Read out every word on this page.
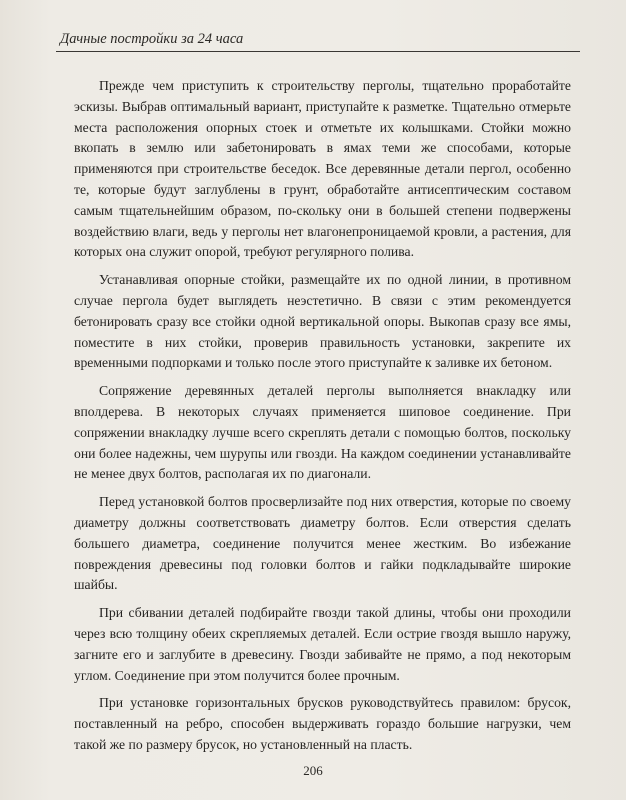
Дачные постройки за 24 часа

Прежде чем приступить к строительству перголы, тщательно проработайте эскизы. Выбрав оптимальный вариант, приступайте к разметке. Тщательно отмерьте места расположения опорных стоек и отметьте их колышками. Стойки можно вкопать в землю или забетонировать в ямах теми же способами, которые применяются при строительстве беседок. Все деревянные детали пергол, особенно те, которые будут заглублены в грунт, обработайте антисептическим составом самым тщательнейшим образом, по-скольку они в большей степени подвержены воздействию влаги, ведь у перголы нет влагонепроницаемой кровли, а растения, для которых она служит опорой, требуют регулярного полива.

Устанавливая опорные стойки, размещайте их по одной линии, в противном случае пергола будет выглядеть неэстетично. В связи с этим рекомендуется бетонировать сразу все стойки одной вертикальной опоры. Выкопав сразу все ямы, поместите в них стойки, проверив правильность установки, закрепите их временными подпорками и только после этого приступайте к заливке их бетоном.

Сопряжение деревянных деталей перголы выполняется внакладку или вполдерева. В некоторых случаях применяется шиповое соединение. При сопряжении внакладку лучше всего скреплять детали с помощью болтов, поскольку они более надежны, чем шурупы или гвозди. На каждом соединении устанавливайте не менее двух болтов, располагая их по диагонали.

Перед установкой болтов просверлизайте под них отверстия, которые по своему диаметру должны соответствовать диаметру болтов. Если отверстия сделать большего диаметра, соединение получится менее жестким. Во избежание повреждения древесины под головки болтов и гайки подкладывайте широкие шайбы.

При сбивании деталей подбирайте гвозди такой длины, чтобы они проходили через всю толщину обеих скрепляемых деталей. Если острие гвоздя вышло наружу, загните его и заглубите в древесину. Гвозди забивайте не прямо, а под некоторым углом. Соединение при этом получится более прочным.

При установке горизонтальных брусков руководствуйтесь правилом: брусок, поставленный на ребро, способен выдерживать гораздо большие нагрузки, чем такой же по размеру брусок, но установленный на пласть.

206
